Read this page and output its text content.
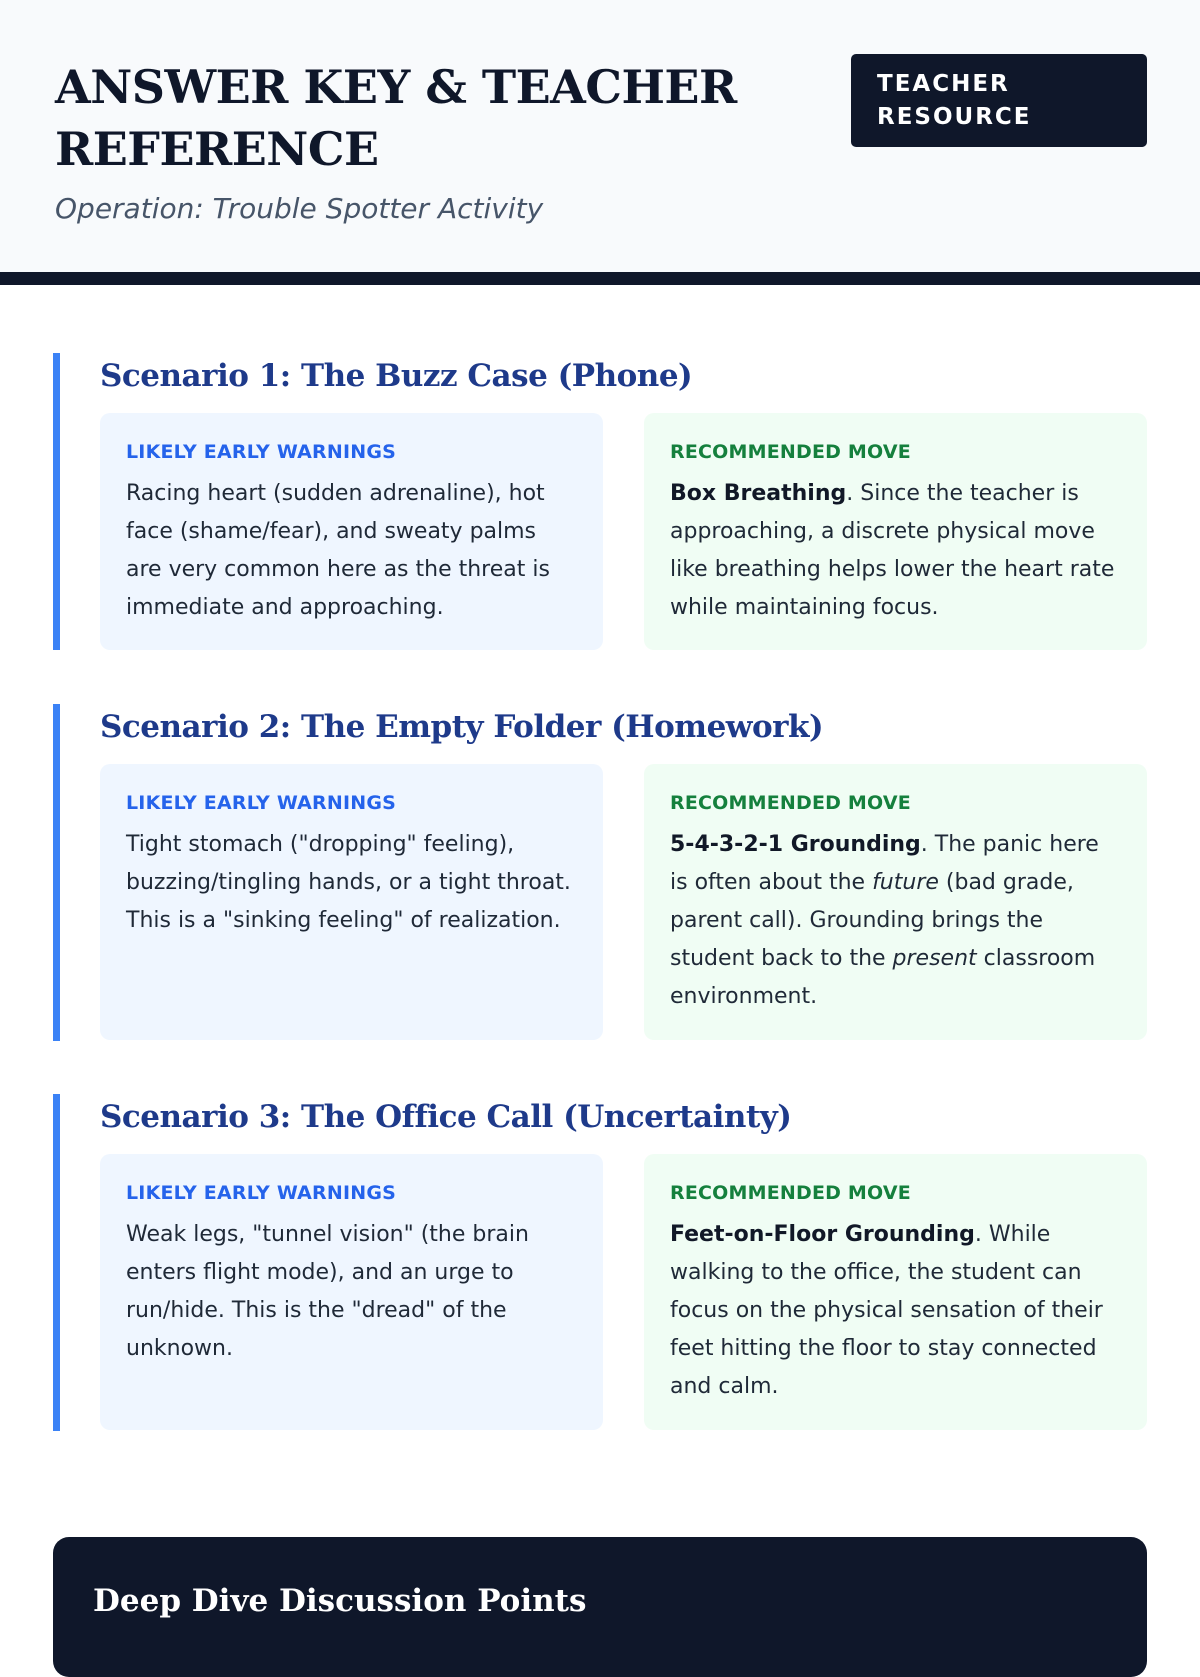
ANSWER KEY & TEACHER REFERENCE

Operation: Trouble Spotter Activity

TEACHER RESOURCE
Scenario 1: The Buzz Case (Phone)
LIKELY EARLY WARNINGS

Racing heart (sudden adrenaline), hot face (shame/fear), and sweaty palms are very common here as the threat is immediate and approaching.

RECOMMENDED MOVE

Box Breathing. Since the teacher is approaching, a discrete physical move like breathing helps lower the heart rate while maintaining focus.

Scenario 2: The Empty Folder (Homework)
LIKELY EARLY WARNINGS

Tight stomach ("dropping" feeling), buzzing/tingling hands, or a tight throat. This is a "sinking feeling" of realization.

RECOMMENDED MOVE

5-4-3-2-1 Grounding. The panic here is often about the future (bad grade, parent call). Grounding brings the student back to the present classroom environment.

Scenario 3: The Office Call (Uncertainty)
LIKELY EARLY WARNINGS

Weak legs, "tunnel vision" (the brain enters flight mode), and an urge to run/hide. This is the "dread" of the unknown.

RECOMMENDED MOVE

Feet-on-Floor Grounding. While walking to the office, the student can focus on the physical sensation of their feet hitting the floor to stay connected and calm.

Deep Dive Discussion Points
